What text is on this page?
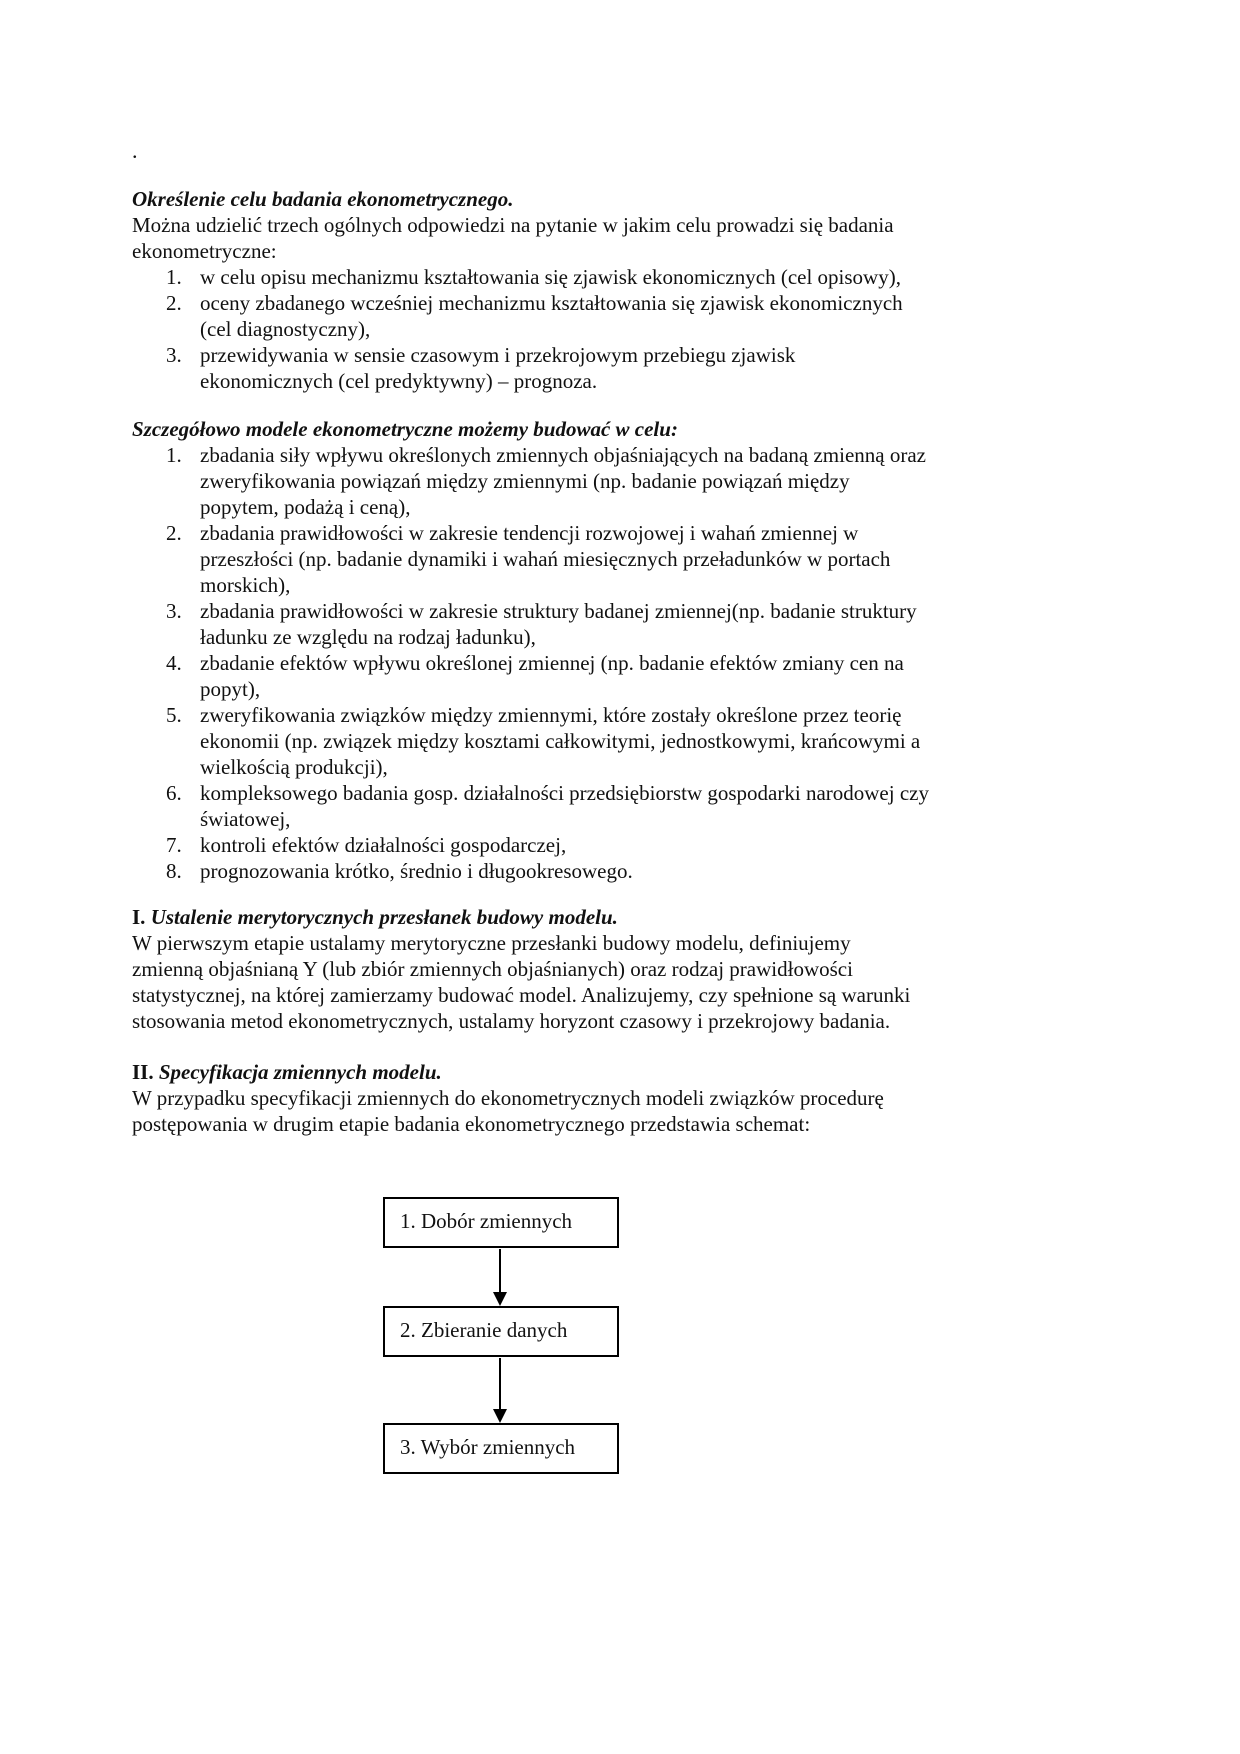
.
Określenie celu badania ekonometrycznego.
Można udzielić trzech ogólnych odpowiedzi na pytanie w jakim celu prowadzi się badania
ekonometryczne:
1. w celu opisu mechanizmu kształtowania się zjawisk ekonomicznych (cel opisowy),
2. oceny zbadanego wcześniej mechanizmu kształtowania się zjawisk ekonomicznych
(cel diagnostyczny),
3. przewidywania w sensie czasowym i przekrojowym przebiegu zjawisk
ekonomicznych (cel predyktywny) – prognoza.
Szczegółowo modele ekonometryczne możemy budować w celu:
1. zbadania siły wpływu określonych zmiennych objaśniających na badaną zmienną oraz
zweryfikowania powiązań między zmiennymi (np. badanie powiązań między
popytem, podażą i ceną),
2. zbadania prawidłowości w zakresie tendencji rozwojowej i wahań zmiennej w
przeszłości (np. badanie dynamiki i wahań miesięcznych przeładunków w portach
morskich),
3. zbadania prawidłowości w zakresie struktury badanej zmiennej(np. badanie struktury
ładunku ze względu na rodzaj ładunku),
4. zbadanie efektów wpływu określonej zmiennej (np. badanie efektów zmiany cen na
popyt),
5. zweryfikowania związków między zmiennymi, które zostały określone przez teorię
ekonomii (np. związek między kosztami całkowitymi, jednostkowymi, krańcowymi a
wielkością produkcji),
6. kompleksowego badania gosp. działalności przedsiębiorstw gospodarki narodowej czy
światowej,
7. kontroli efektów działalności gospodarczej,
8. prognozowania krótko, średnio i długookresowego.
I. Ustalenie merytorycznych przesłanek budowy modelu.
W pierwszym etapie ustalamy merytoryczne przesłanki budowy modelu, definiujemy
zmienną objaśnianą Y (lub zbiór zmiennych objaśnianych) oraz rodzaj prawidłowości
statystycznej, na której zamierzamy budować model. Analizujemy, czy spełnione są warunki
stosowania metod ekonometrycznych, ustalamy horyzont czasowy i przekrojowy badania.
II. Specyfikacja zmiennych modelu.
W przypadku specyfikacji zmiennych do ekonometrycznych modeli związków procedurę
postępowania w drugim etapie badania ekonometrycznego przedstawia schemat:
1. Dobór zmiennych
2. Zbieranie danych
3. Wybór zmiennych
